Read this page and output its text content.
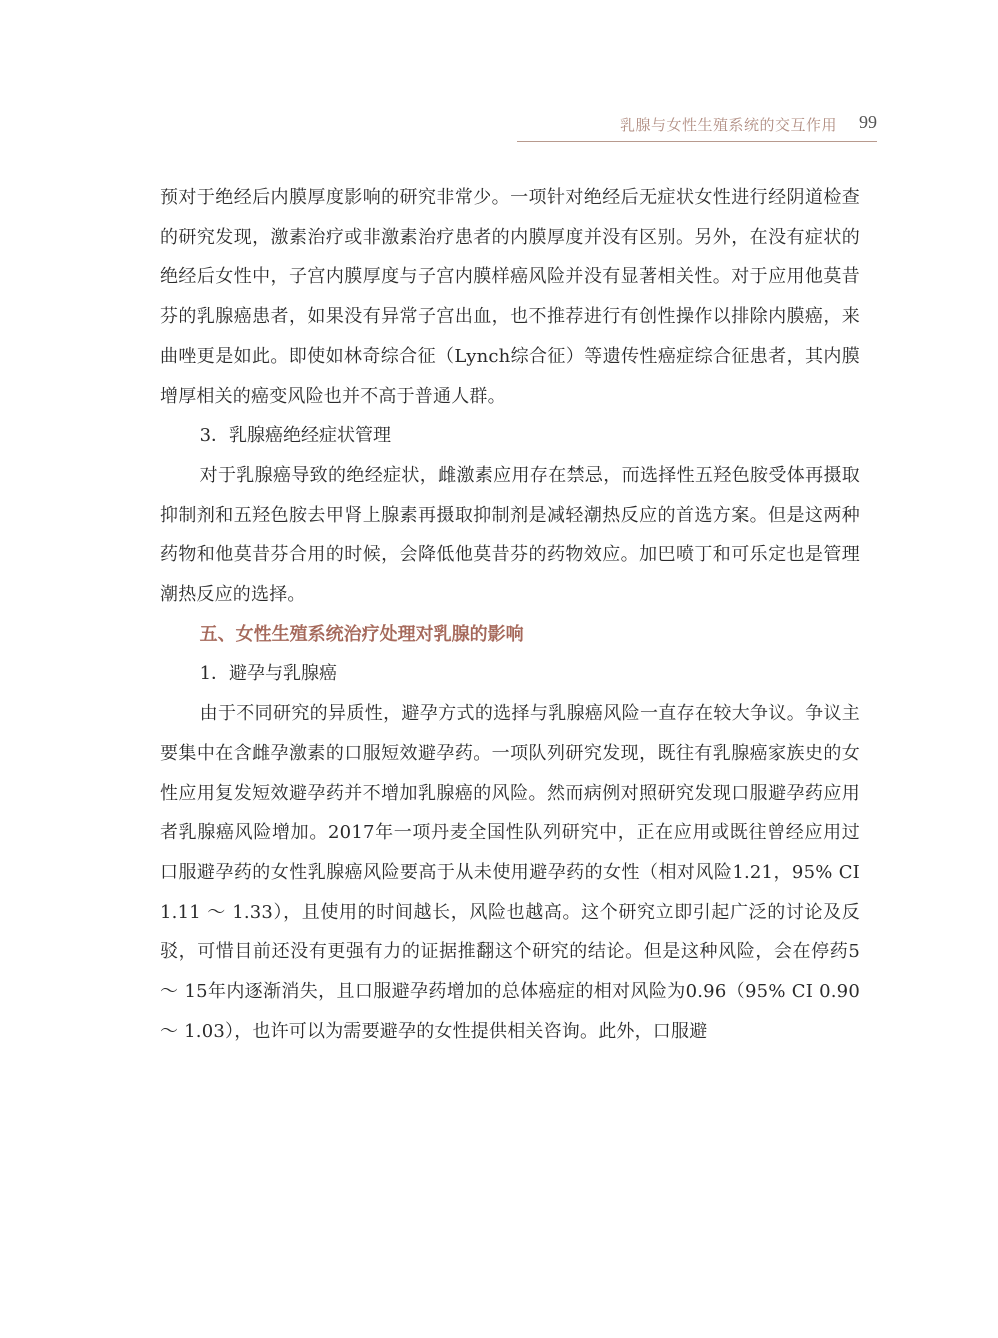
乳腺与女性生殖系统的交互作用 99

预对于绝经后内膜厚度影响的研究非常少。一项针对绝经后无症状女性进行经阴道检查的研究发现，激素治疗或非激素治疗患者的内膜厚度并没有区别。另外，在没有症状的绝经后女性中，子宫内膜厚度与子宫内膜样癌风险并没有显著相关性。对于应用他莫昔芬的乳腺癌患者，如果没有异常子宫出血，也不推荐进行有创性操作以排除内膜癌，来曲唑更是如此。即使如林奇综合征（Lynch综合征）等遗传性癌症综合征患者，其内膜增厚相关的癌变风险也并不高于普通人群。

3．乳腺癌绝经症状管理

对于乳腺癌导致的绝经症状，雌激素应用存在禁忌，而选择性五羟色胺受体再摄取抑制剂和五羟色胺去甲肾上腺素再摄取抑制剂是减轻潮热反应的首选方案。但是这两种药物和他莫昔芬合用的时候，会降低他莫昔芬的药物效应。加巴喷丁和可乐定也是管理潮热反应的选择。

五、女性生殖系统治疗处理对乳腺的影响

1．避孕与乳腺癌

由于不同研究的异质性，避孕方式的选择与乳腺癌风险一直存在较大争议。争议主要集中在含雌孕激素的口服短效避孕药。一项队列研究发现，既往有乳腺癌家族史的女性应用复发短效避孕药并不增加乳腺癌的风险。然而病例对照研究发现口服避孕药应用者乳腺癌风险增加。2017年一项丹麦全国性队列研究中，正在应用或既往曾经应用过口服避孕药的女性乳腺癌风险要高于从未使用避孕药的女性（相对风险1.21，95% CI 1.11 ～ 1.33），且使用的时间越长，风险也越高。这个研究立即引起广泛的讨论及反驳，可惜目前还没有更强有力的证据推翻这个研究的结论。但是这种风险，会在停药5 ～ 15年内逐渐消失，且口服避孕药增加的总体癌症的相对风险为0.96（95% CI 0.90 ～ 1.03），也许可以为需要避孕的女性提供相关咨询。此外，口服避
